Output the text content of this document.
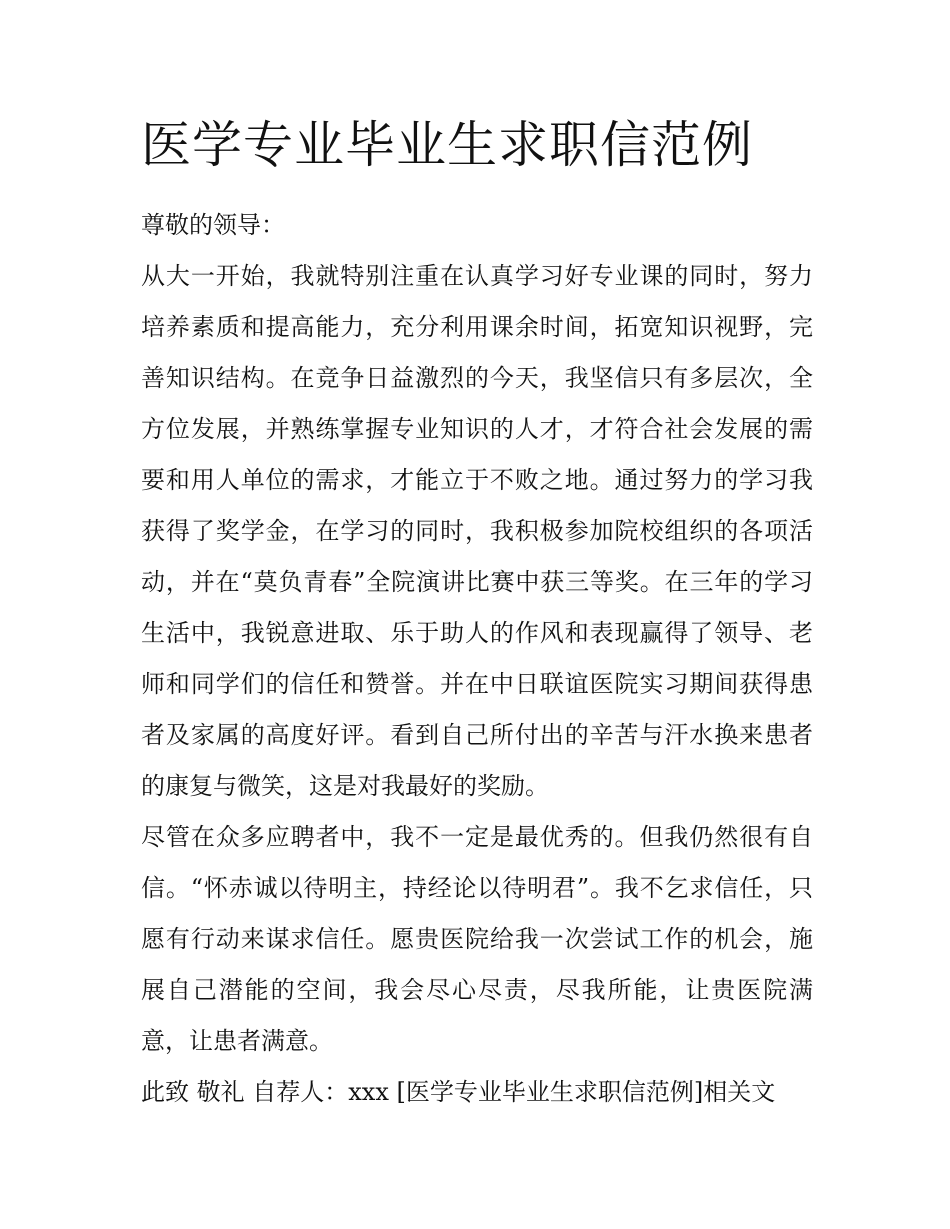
医学专业毕业生求职信范例
尊敬的领导：
从大一开始，我就特别注重在认真学习好专业课的同时，努力
培养素质和提高能力，充分利用课余时间，拓宽知识视野，完
善知识结构。在竞争日益激烈的今天，我坚信只有多层次，全
方位发展，并熟练掌握专业知识的人才，才符合社会发展的需
要和用人单位的需求，才能立于不败之地。通过努力的学习我
获得了奖学金，在学习的同时，我积极参加院校组织的各项活
动，并在“莫负青春”全院演讲比赛中获三等奖。在三年的学习
生活中，我锐意进取、乐于助人的作风和表现赢得了领导、老
师和同学们的信任和赞誉。并在中日联谊医院实习期间获得患
者及家属的高度好评。看到自己所付出的辛苦与汗水换来患者
的康复与微笑，这是对我最好的奖励。
尽管在众多应聘者中，我不一定是最优秀的。但我仍然很有自
信。“怀赤诚以待明主，持经论以待明君”。我不乞求信任，只
愿有行动来谋求信任。愿贵医院给我一次尝试工作的机会，施
展自己潜能的空间，我会尽心尽责，尽我所能，让贵医院满
意，让患者满意。
此致 敬礼 自荐人：xxx [医学专业毕业生求职信范例]相关文
